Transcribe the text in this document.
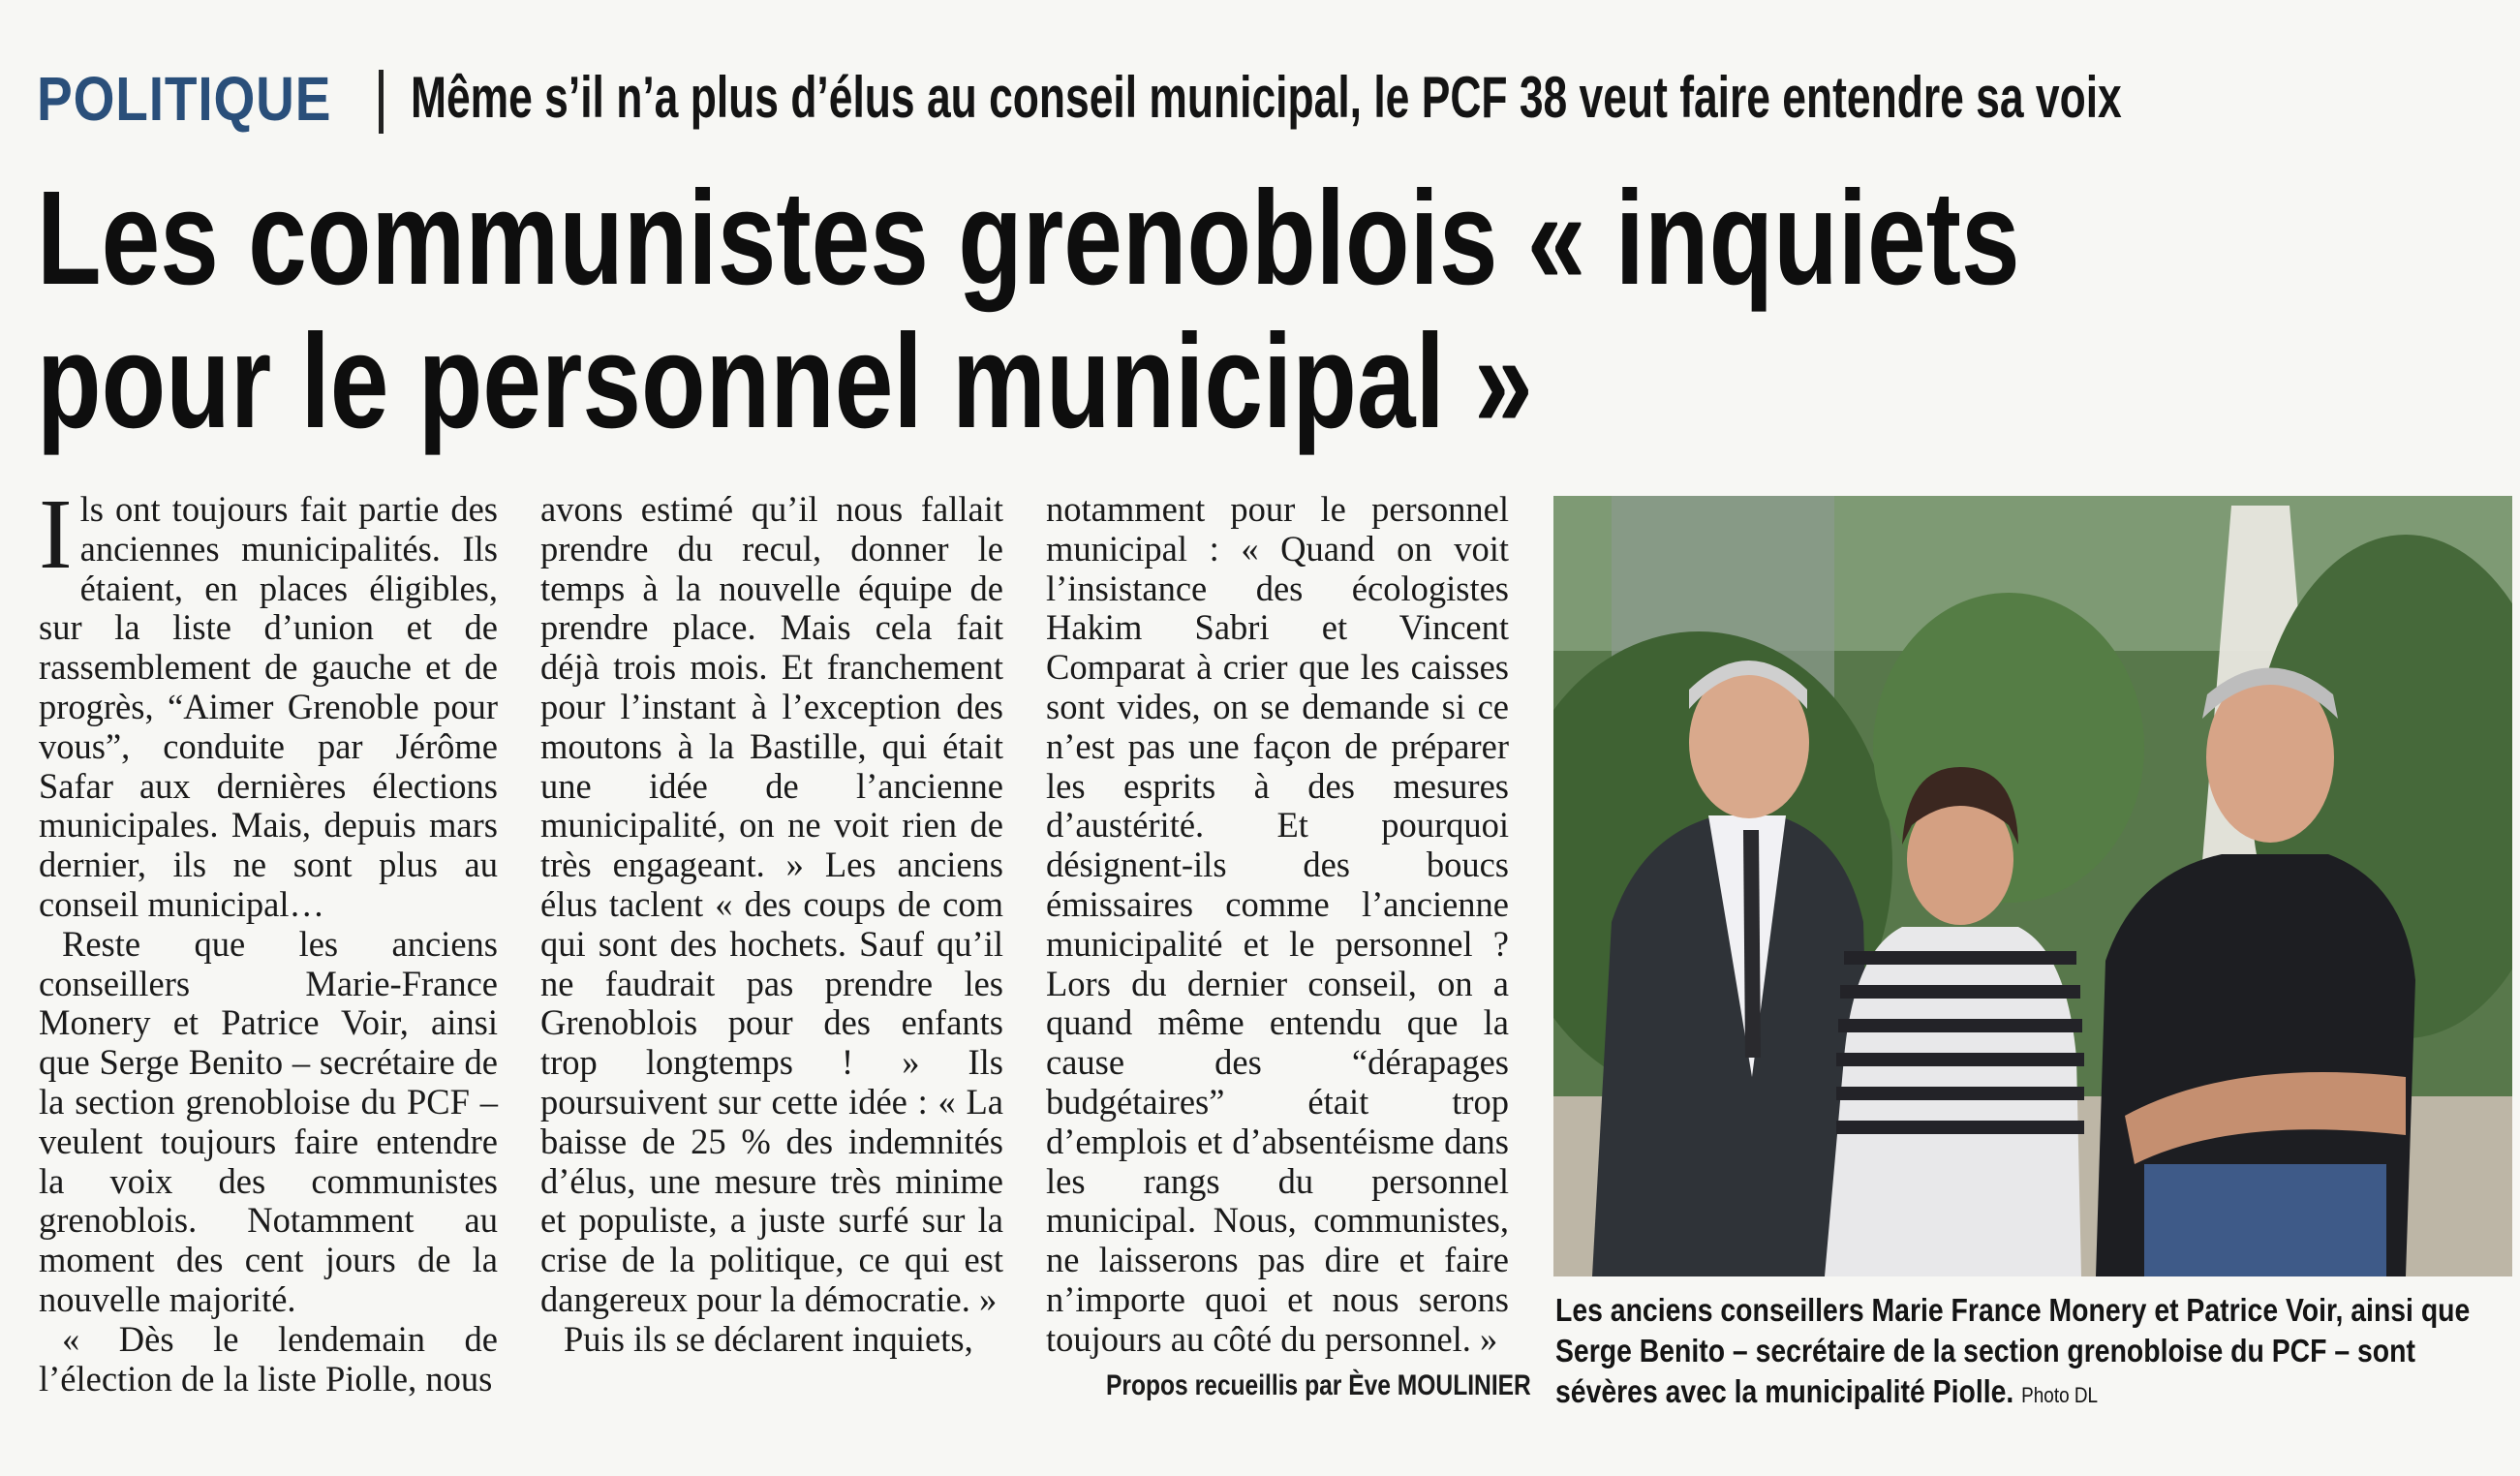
POLITIQUE Même s’il n’a plus d’élus au conseil municipal, le PCF 38 veut faire entendre sa voix
Les communistes grenoblois « inquiets
pour le personnel municipal »

Ils ont toujours fait partie des anciennes municipalités. Ils étaient, en places éligibles, sur la liste d’union et de rassemblement de gauche et de progrès, “Aimer Grenoble pour vous”, conduite par Jérôme Safar aux dernières élections municipales. Mais, depuis mars dernier, ils ne sont plus au conseil municipal…

Reste que les anciens conseillers Marie-France Monery et Patrice Voir, ainsi que Serge Benito – secrétaire de la section grenobloise du PCF – veulent toujours faire entendre la voix des communistes grenoblois. Notamment au moment des cent jours de la nouvelle majorité.

« Dès le lendemain de l’élection de la liste Piolle, nous

avons estimé qu’il nous fallait prendre du recul, donner le temps à la nouvelle équipe de prendre place. Mais cela fait déjà trois mois. Et franchement pour l’instant à l’exception des moutons à la Bastille, qui était une idée de l’ancienne municipalité, on ne voit rien de très engageant. » Les anciens élus taclent « des coups de com qui sont des hochets. Sauf qu’il ne faudrait pas prendre les Grenoblois pour des enfants trop longtemps ! » Ils poursuivent sur cette idée : « La baisse de 25 % des indemnités d’élus, une mesure très minime et populiste, a juste surfé sur la crise de la politique, ce qui est dangereux pour la démocratie. »

Puis ils se déclarent inquiets,

notamment pour le personnel municipal : « Quand on voit l’insistance des écologistes Hakim Sabri et Vincent Comparat à crier que les caisses sont vides, on se demande si ce n’est pas une façon de préparer les esprits à des mesures d’austérité. Et pourquoi désignent-ils des boucs émissaires comme l’ancienne municipalité et le personnel ? Lors du dernier conseil, on a quand même entendu que la cause des “dérapages budgétaires” était trop d’emplois et d’absentéisme dans les rangs du personnel municipal. Nous, communistes, ne laisserons pas dire et faire n’importe quoi et nous serons toujours au côté du personnel. »

Propos recueillis par Ève MOULINIER
Les anciens conseillers Marie France Monery et Patrice Voir, ainsi que Serge Benito – secrétaire de la section grenobloise du PCF – sont sévères avec la municipalité Piolle. Photo DL
